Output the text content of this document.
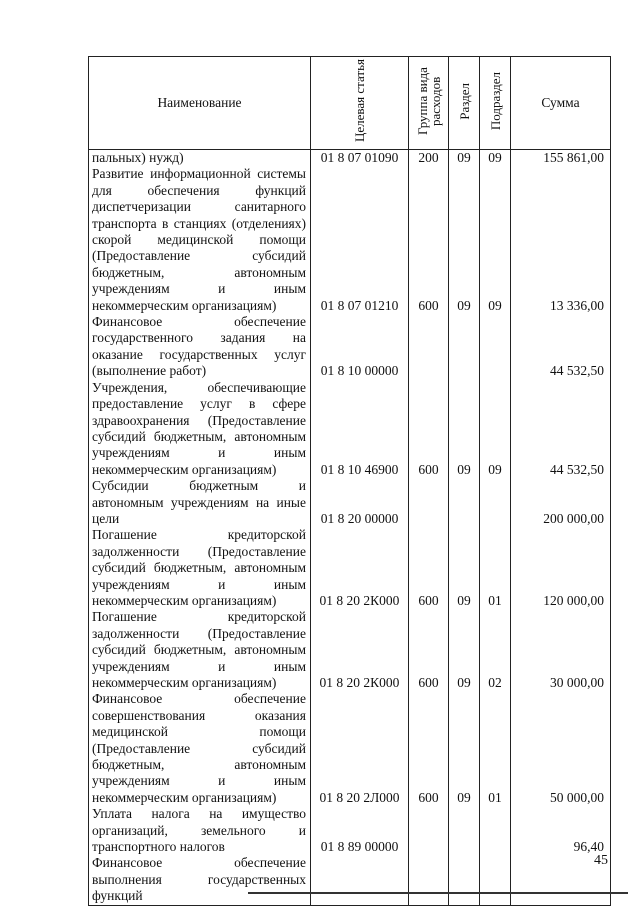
Наименование	Целевая статья	Группа вида расходов	Раздел	Подраздел	Сумма
пальных) нужд)	01 8 07 01090	200	09	09	155 861,00
Развитие информационной системы для обеспечения функций диспетчеризации санитарного транспорта в станциях (отделениях) скорой медицинской помощи (Предоставление субсидий бюджетным, автономным учреждениям и иным некоммерческим организациям)	01 8 07 01210	600	09	09	13 336,00
Финансовое обеспечение государственного задания на оказание государственных услуг (выполнение работ)	01 8 10 00000				44 532,50
Учреждения, обеспечивающие предоставление услуг в сфере здравоохранения (Предоставление субсидий бюджетным, автономным учреждениям и иным некоммерческим организациям)	01 8 10 46900	600	09	09	44 532,50
Субсидии бюджетным и автономным учреждениям на иные цели	01 8 20 00000				200 000,00
Погашение кредиторской задолженности (Предоставление субсидий бюджетным, автономным учреждениям и иным некоммерческим организациям)	01 8 20 2К000	600	09	01	120 000,00
Погашение кредиторской задолженности (Предоставление субсидий бюджетным, автономным учреждениям и иным некоммерческим организациям)	01 8 20 2К000	600	09	02	30 000,00
Финансовое обеспечение совершенствования оказания медицинской помощи (Предоставление субсидий бюджетным, автономным учреждениям и иным некоммерческим организациям)	01 8 20 2Л000	600	09	01	50 000,00
Уплата налога на имущество организаций, земельного и транспортного налогов	01 8 89 00000				96,40
Финансовое обеспечение выполнения государственных функций					
45
